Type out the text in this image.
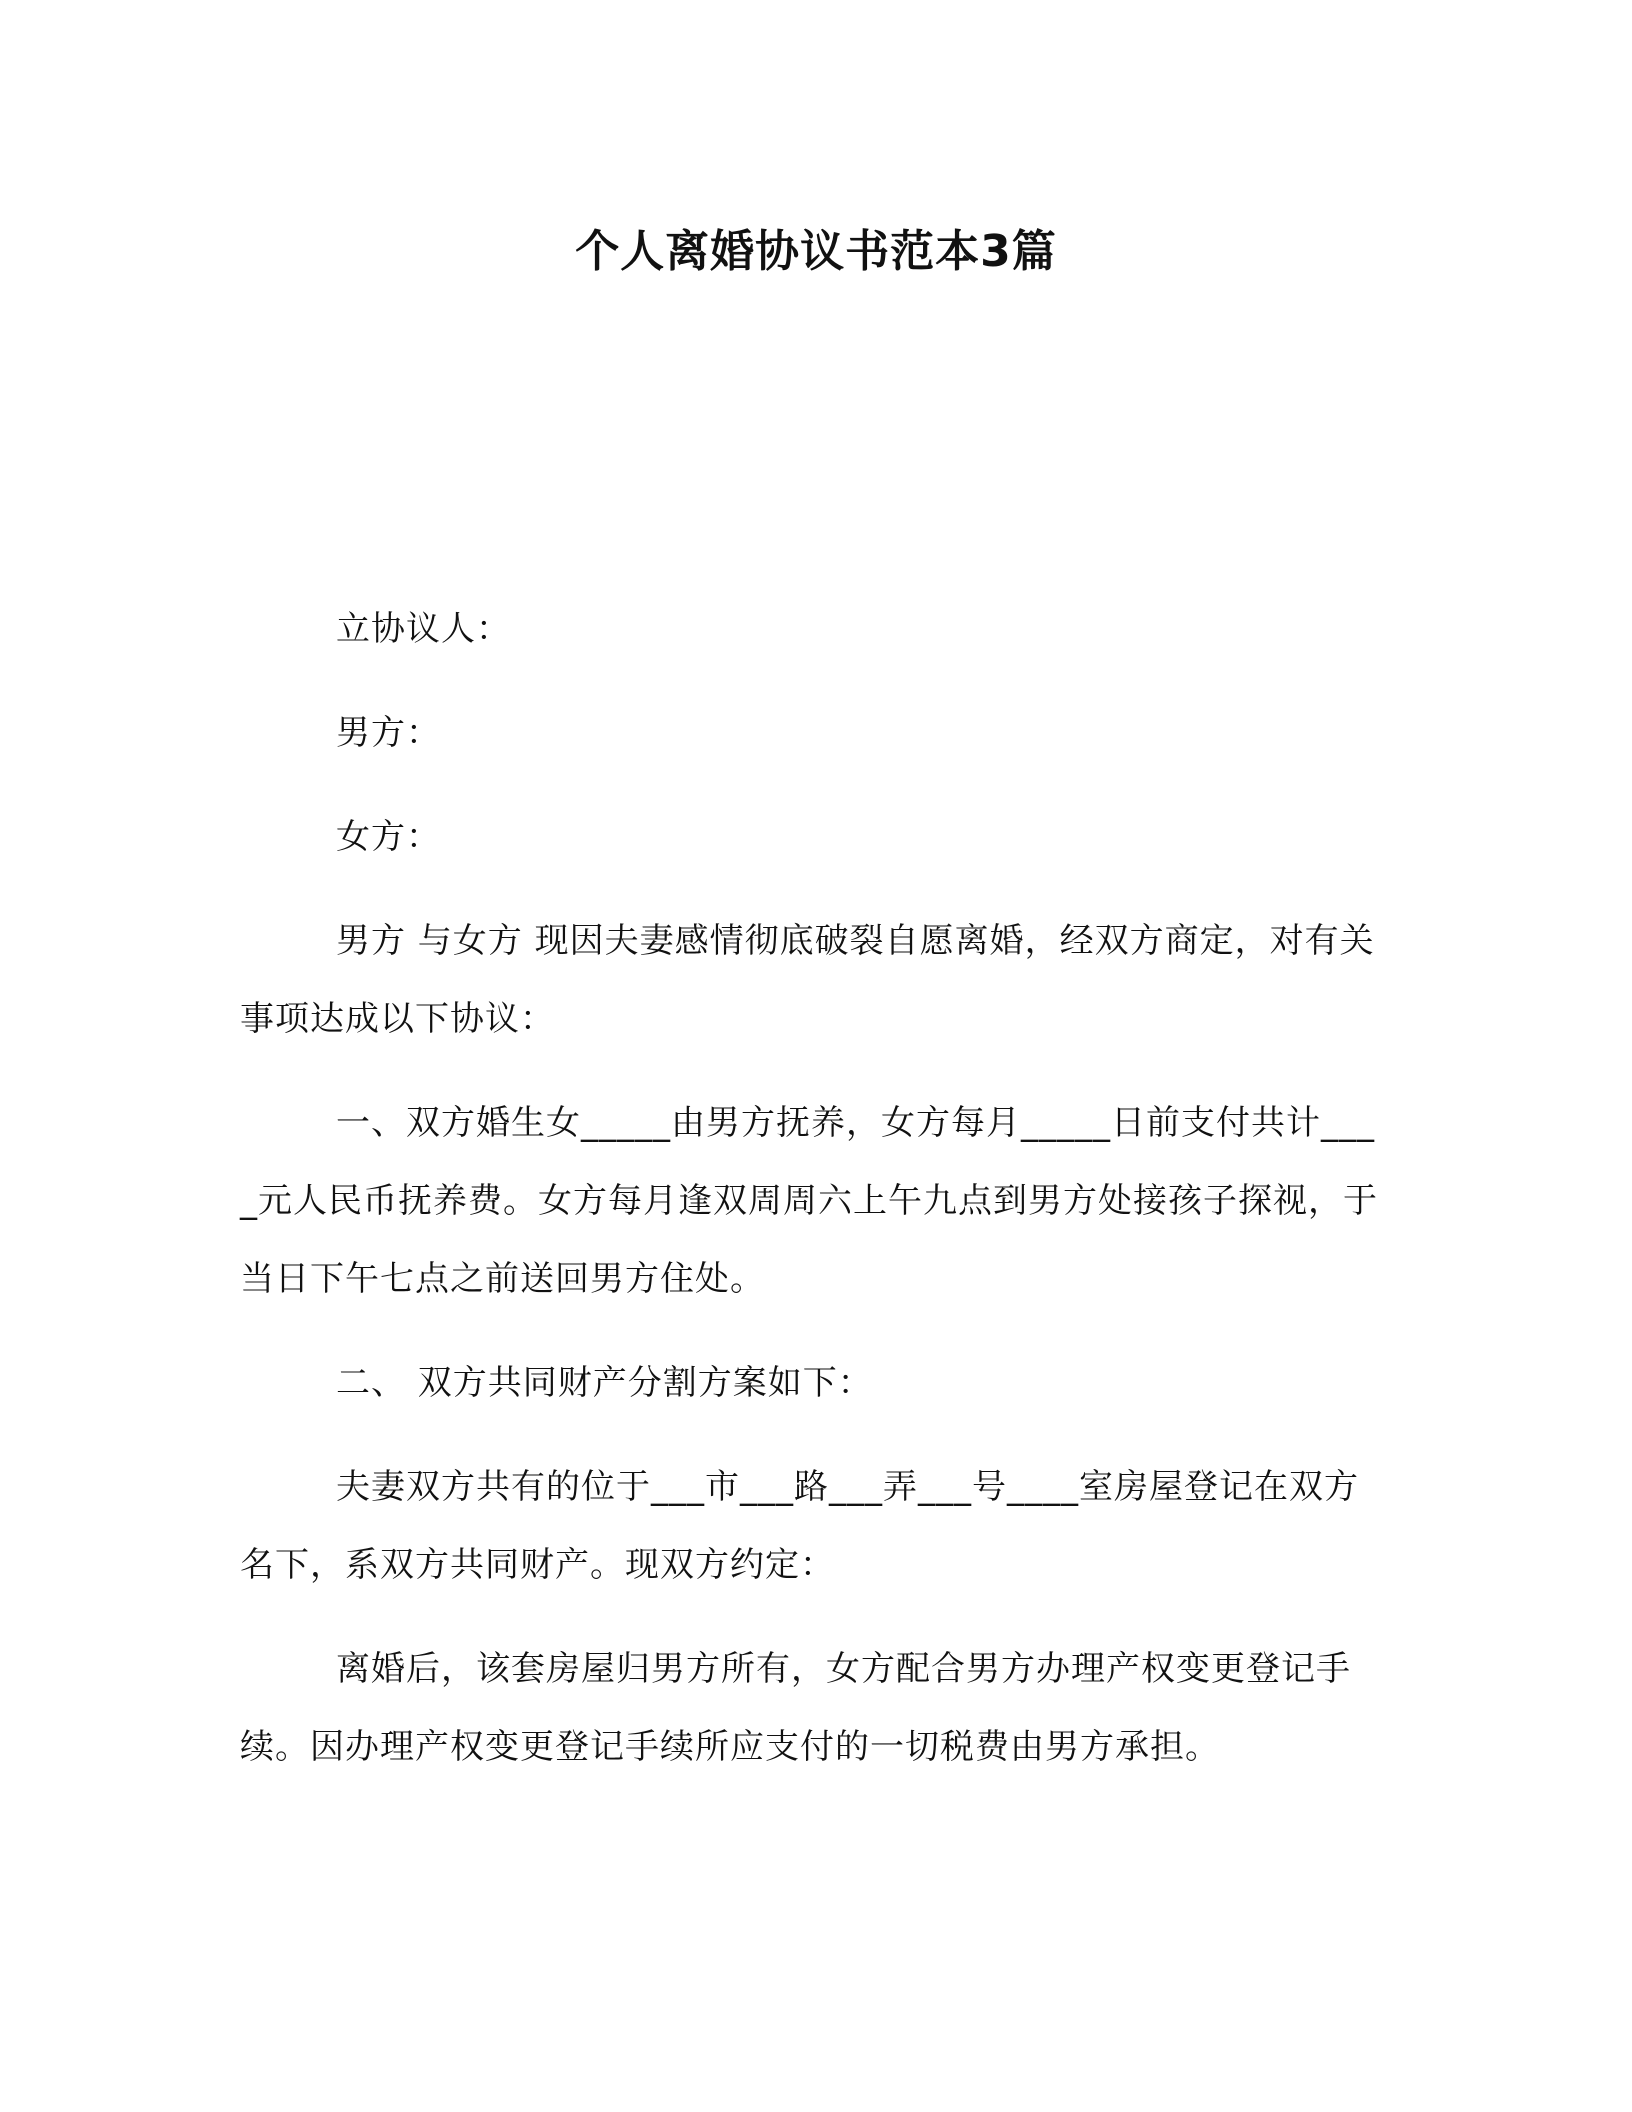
个人离婚协议书范本3篇

立协议人：

男方：

女方：

男方 与女方 现因夫妻感情彻底破裂自愿离婚，经双方商定，对有关事项达成以下协议：

一、双方婚生女_____由男方抚养，女方每月_____日前支付共计____元人民币抚养费。女方每月逢双周周六上午九点到男方处接孩子探视，于当日下午七点之前送回男方住处。

二、 双方共同财产分割方案如下：

夫妻双方共有的位于___市___路___弄___号____室房屋登记在双方名下，系双方共同财产。现双方约定：

离婚后，该套房屋归男方所有，女方配合男方办理产权变更登记手续。因办理产权变更登记手续所应支付的一切税费由男方承担。
